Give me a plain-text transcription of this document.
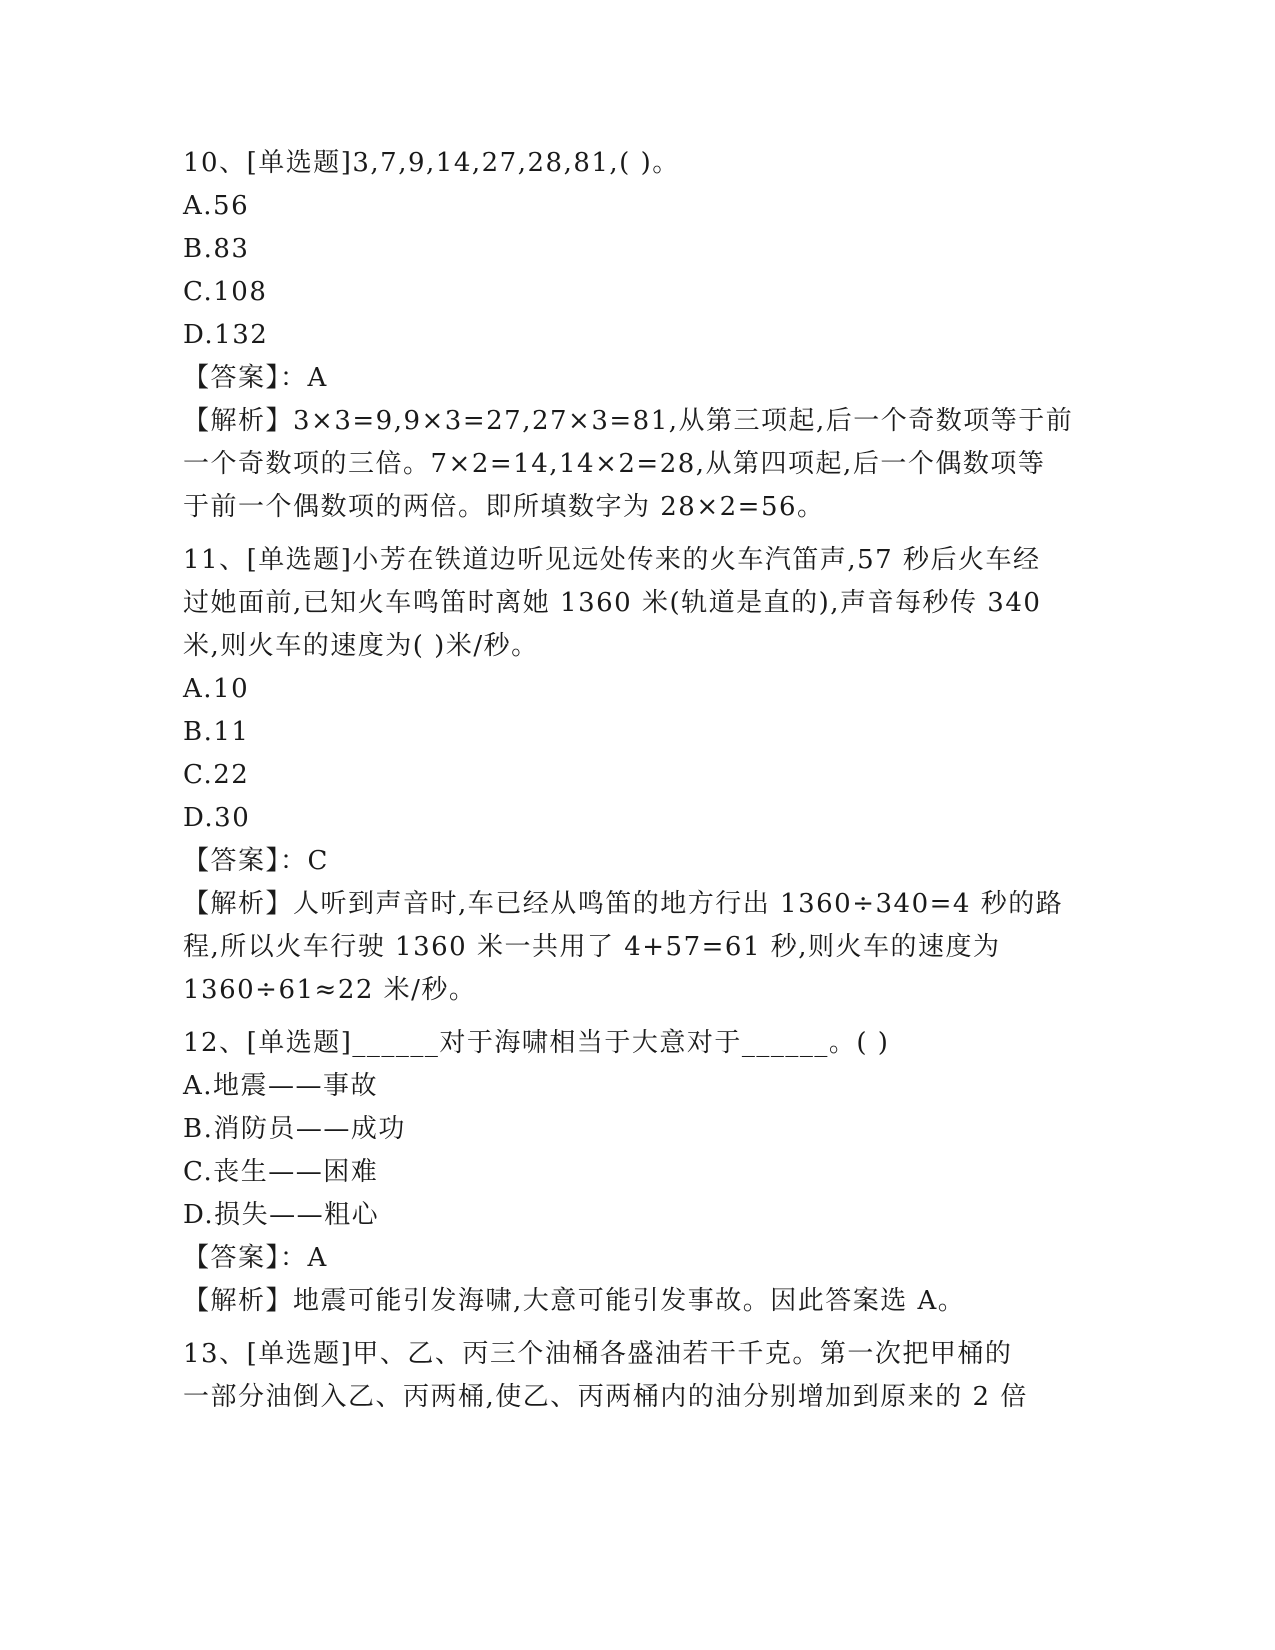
10、[单选题]3,7,9,14,27,28,81,( )。
A.56
B.83
C.108
D.132
【答案】：A
【解析】3×3=9,9×3=27,27×3=81,从第三项起,后一个奇数项等于前
一个奇数项的三倍。7×2=14,14×2=28,从第四项起,后一个偶数项等
于前一个偶数项的两倍。即所填数字为 28×2=56。
11、[单选题]小芳在铁道边听见远处传来的火车汽笛声,57 秒后火车经
过她面前,已知火车鸣笛时离她 1360 米(轨道是直的),声音每秒传 340
米,则火车的速度为( )米/秒。
A.10
B.11
C.22
D.30
【答案】：C
【解析】人听到声音时,车已经从鸣笛的地方行出 1360÷340=4 秒的路
程,所以火车行驶 1360 米一共用了 4+57=61 秒,则火车的速度为
1360÷61≈22 米/秒。
12、[单选题]______对于海啸相当于大意对于______。( )
A.地震——事故
B.消防员——成功
C.丧生——困难
D.损失——粗心
【答案】：A
【解析】地震可能引发海啸,大意可能引发事故。因此答案选 A。
13、[单选题]甲、乙、丙三个油桶各盛油若干千克。第一次把甲桶的
一部分油倒入乙、丙两桶,使乙、丙两桶内的油分别增加到原来的 2 倍
